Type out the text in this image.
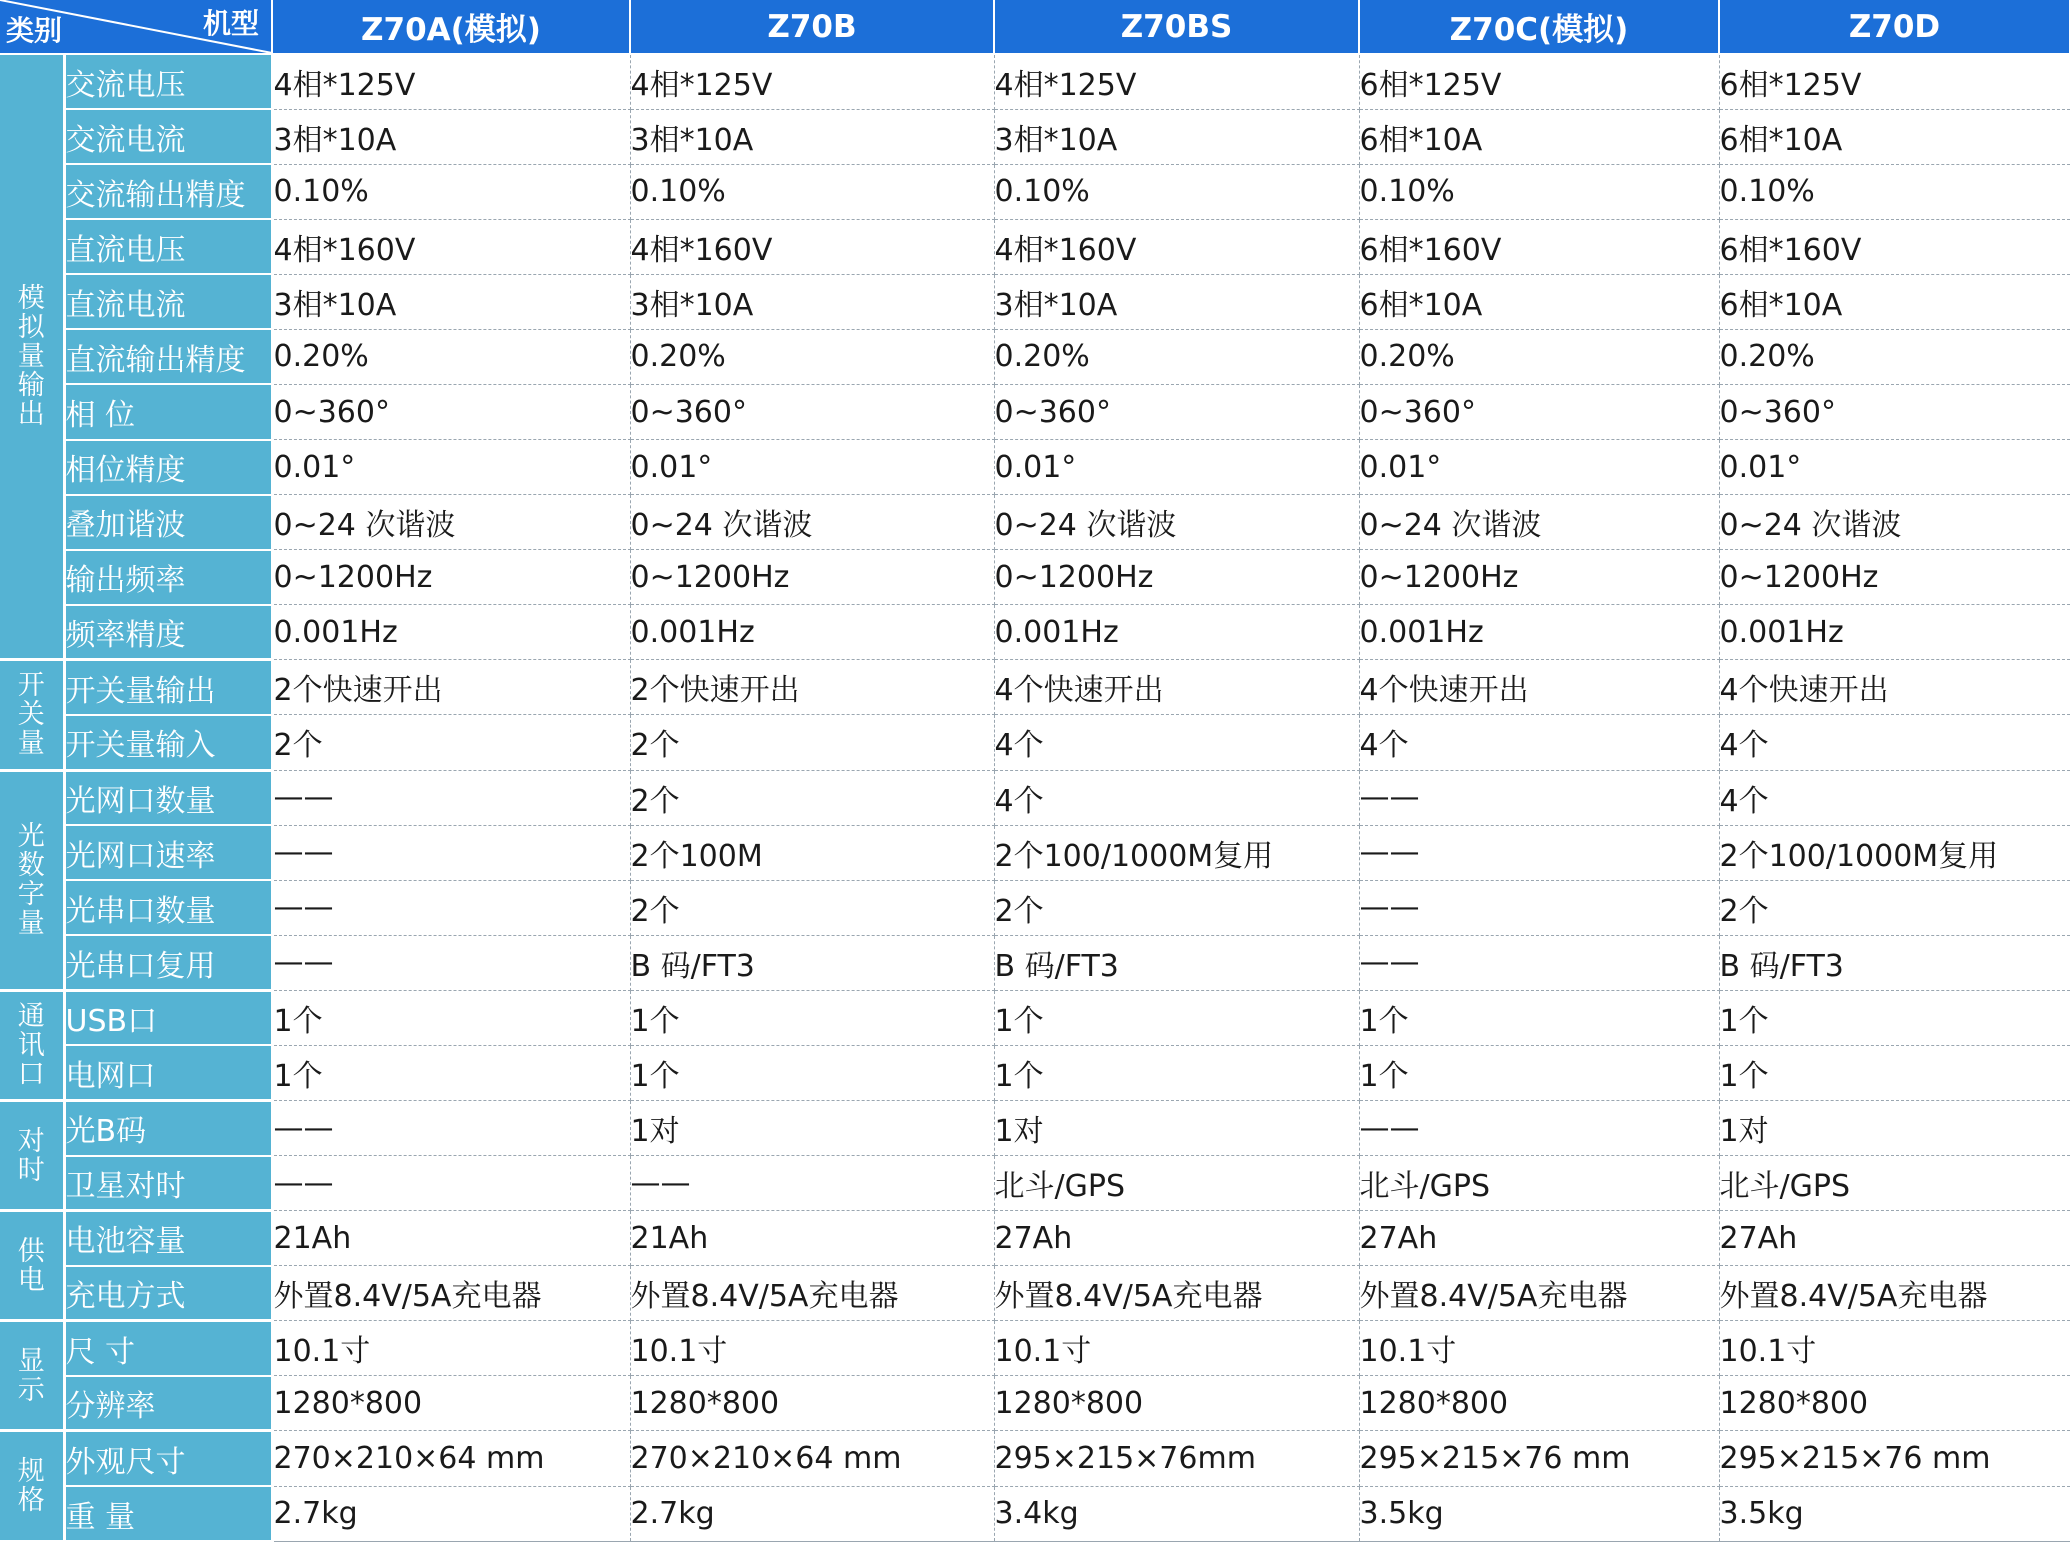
类别 机型		Z70A(模拟)	Z70B	Z70BS	Z70C(模拟)	Z70D

模拟量输出	交流电压	4相*125V	4相*125V	4相*125V	6相*125V	6相*125V
	交流电流	3相*10A	3相*10A	3相*10A	6相*10A	6相*10A
	交流输出精度	0.10%	0.10%	0.10%	0.10%	0.10%
	直流电压	4相*160V	4相*160V	4相*160V	6相*160V	6相*160V
	直流电流	3相*10A	3相*10A	3相*10A	6相*10A	6相*10A
	直流输出精度	0.20%	0.20%	0.20%	0.20%	0.20%
	相 位	0~360°	0~360°	0~360°	0~360°	0~360°
	相位精度	0.01°	0.01°	0.01°	0.01°	0.01°
	叠加谐波	0~24 次谐波	0~24 次谐波	0~24 次谐波	0~24 次谐波	0~24 次谐波
	输出频率	0~1200Hz	0~1200Hz	0~1200Hz	0~1200Hz	0~1200Hz
	频率精度	0.001Hz	0.001Hz	0.001Hz	0.001Hz	0.001Hz

开关量	开关量输出	2个快速开出	2个快速开出	4个快速开出	4个快速开出	4个快速开出
	开关量输入	2个	2个	4个	4个	4个

光数字量	光网口数量	——	2个	4个	——	4个
	光网口速率	——	2个100M	2个100/1000M复用	——	2个100/1000M复用
	光串口数量	——	2个	2个	——	2个
	光串口复用	——	B 码/FT3	B 码/FT3	——	B 码/FT3

通讯口	USB口	1个	1个	1个	1个	1个
	电网口	1个	1个	1个	1个	1个

对时	光B码	——	1对	1对	——	1对
	卫星对时	——	——	北斗/GPS	北斗/GPS	北斗/GPS

供电	电池容量	21Ah	21Ah	27Ah	27Ah	27Ah
	充电方式	外置8.4V/5A充电器	外置8.4V/5A充电器	外置8.4V/5A充电器	外置8.4V/5A充电器	外置8.4V/5A充电器

显示	尺 寸	10.1寸	10.1寸	10.1寸	10.1寸	10.1寸
	分辨率	1280*800	1280*800	1280*800	1280*800	1280*800

规格	外观尺寸	270×210×64 mm	270×210×64 mm	295×215×76mm	295×215×76 mm	295×215×76 mm
	重 量	2.7kg	2.7kg	3.4kg	3.5kg	3.5kg
